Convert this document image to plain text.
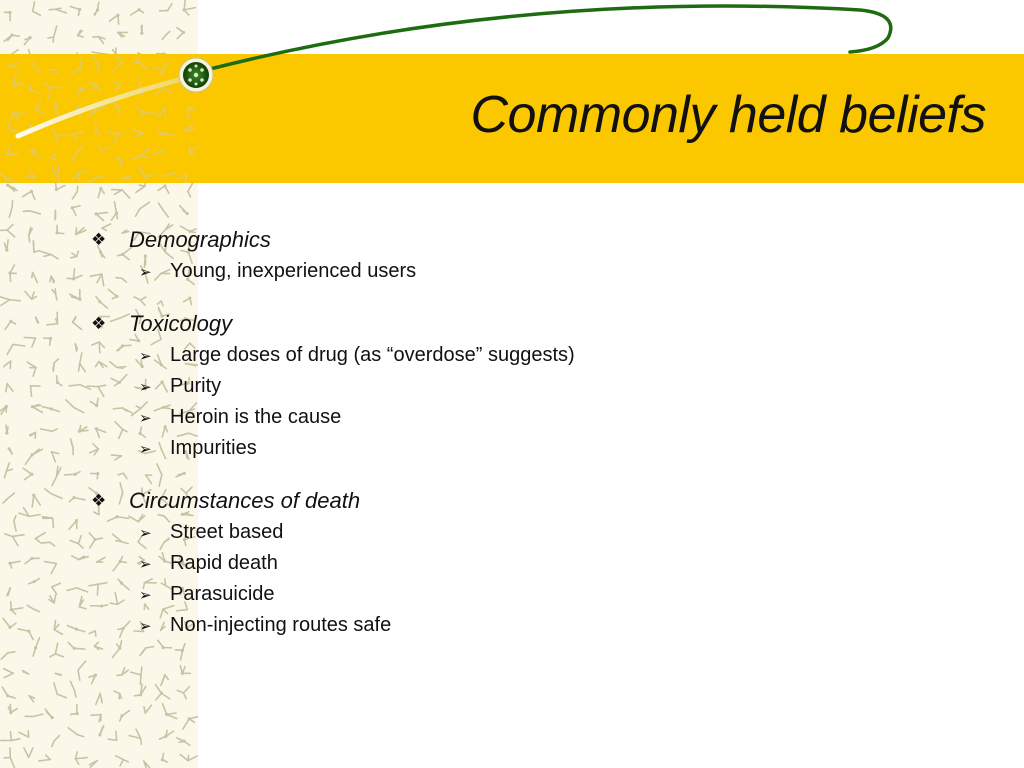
Commonly held beliefs
❖	Demographics
➢ Young, inexperienced users
❖	Toxicology
➢ Large doses of drug (as “overdose” suggests)
➢ Purity
➢ Heroin is the cause
➢ Impurities
❖	Circumstances of death
➢ Street based
➢ Rapid death
➢ Parasuicide
➢ Non-injecting routes safe
